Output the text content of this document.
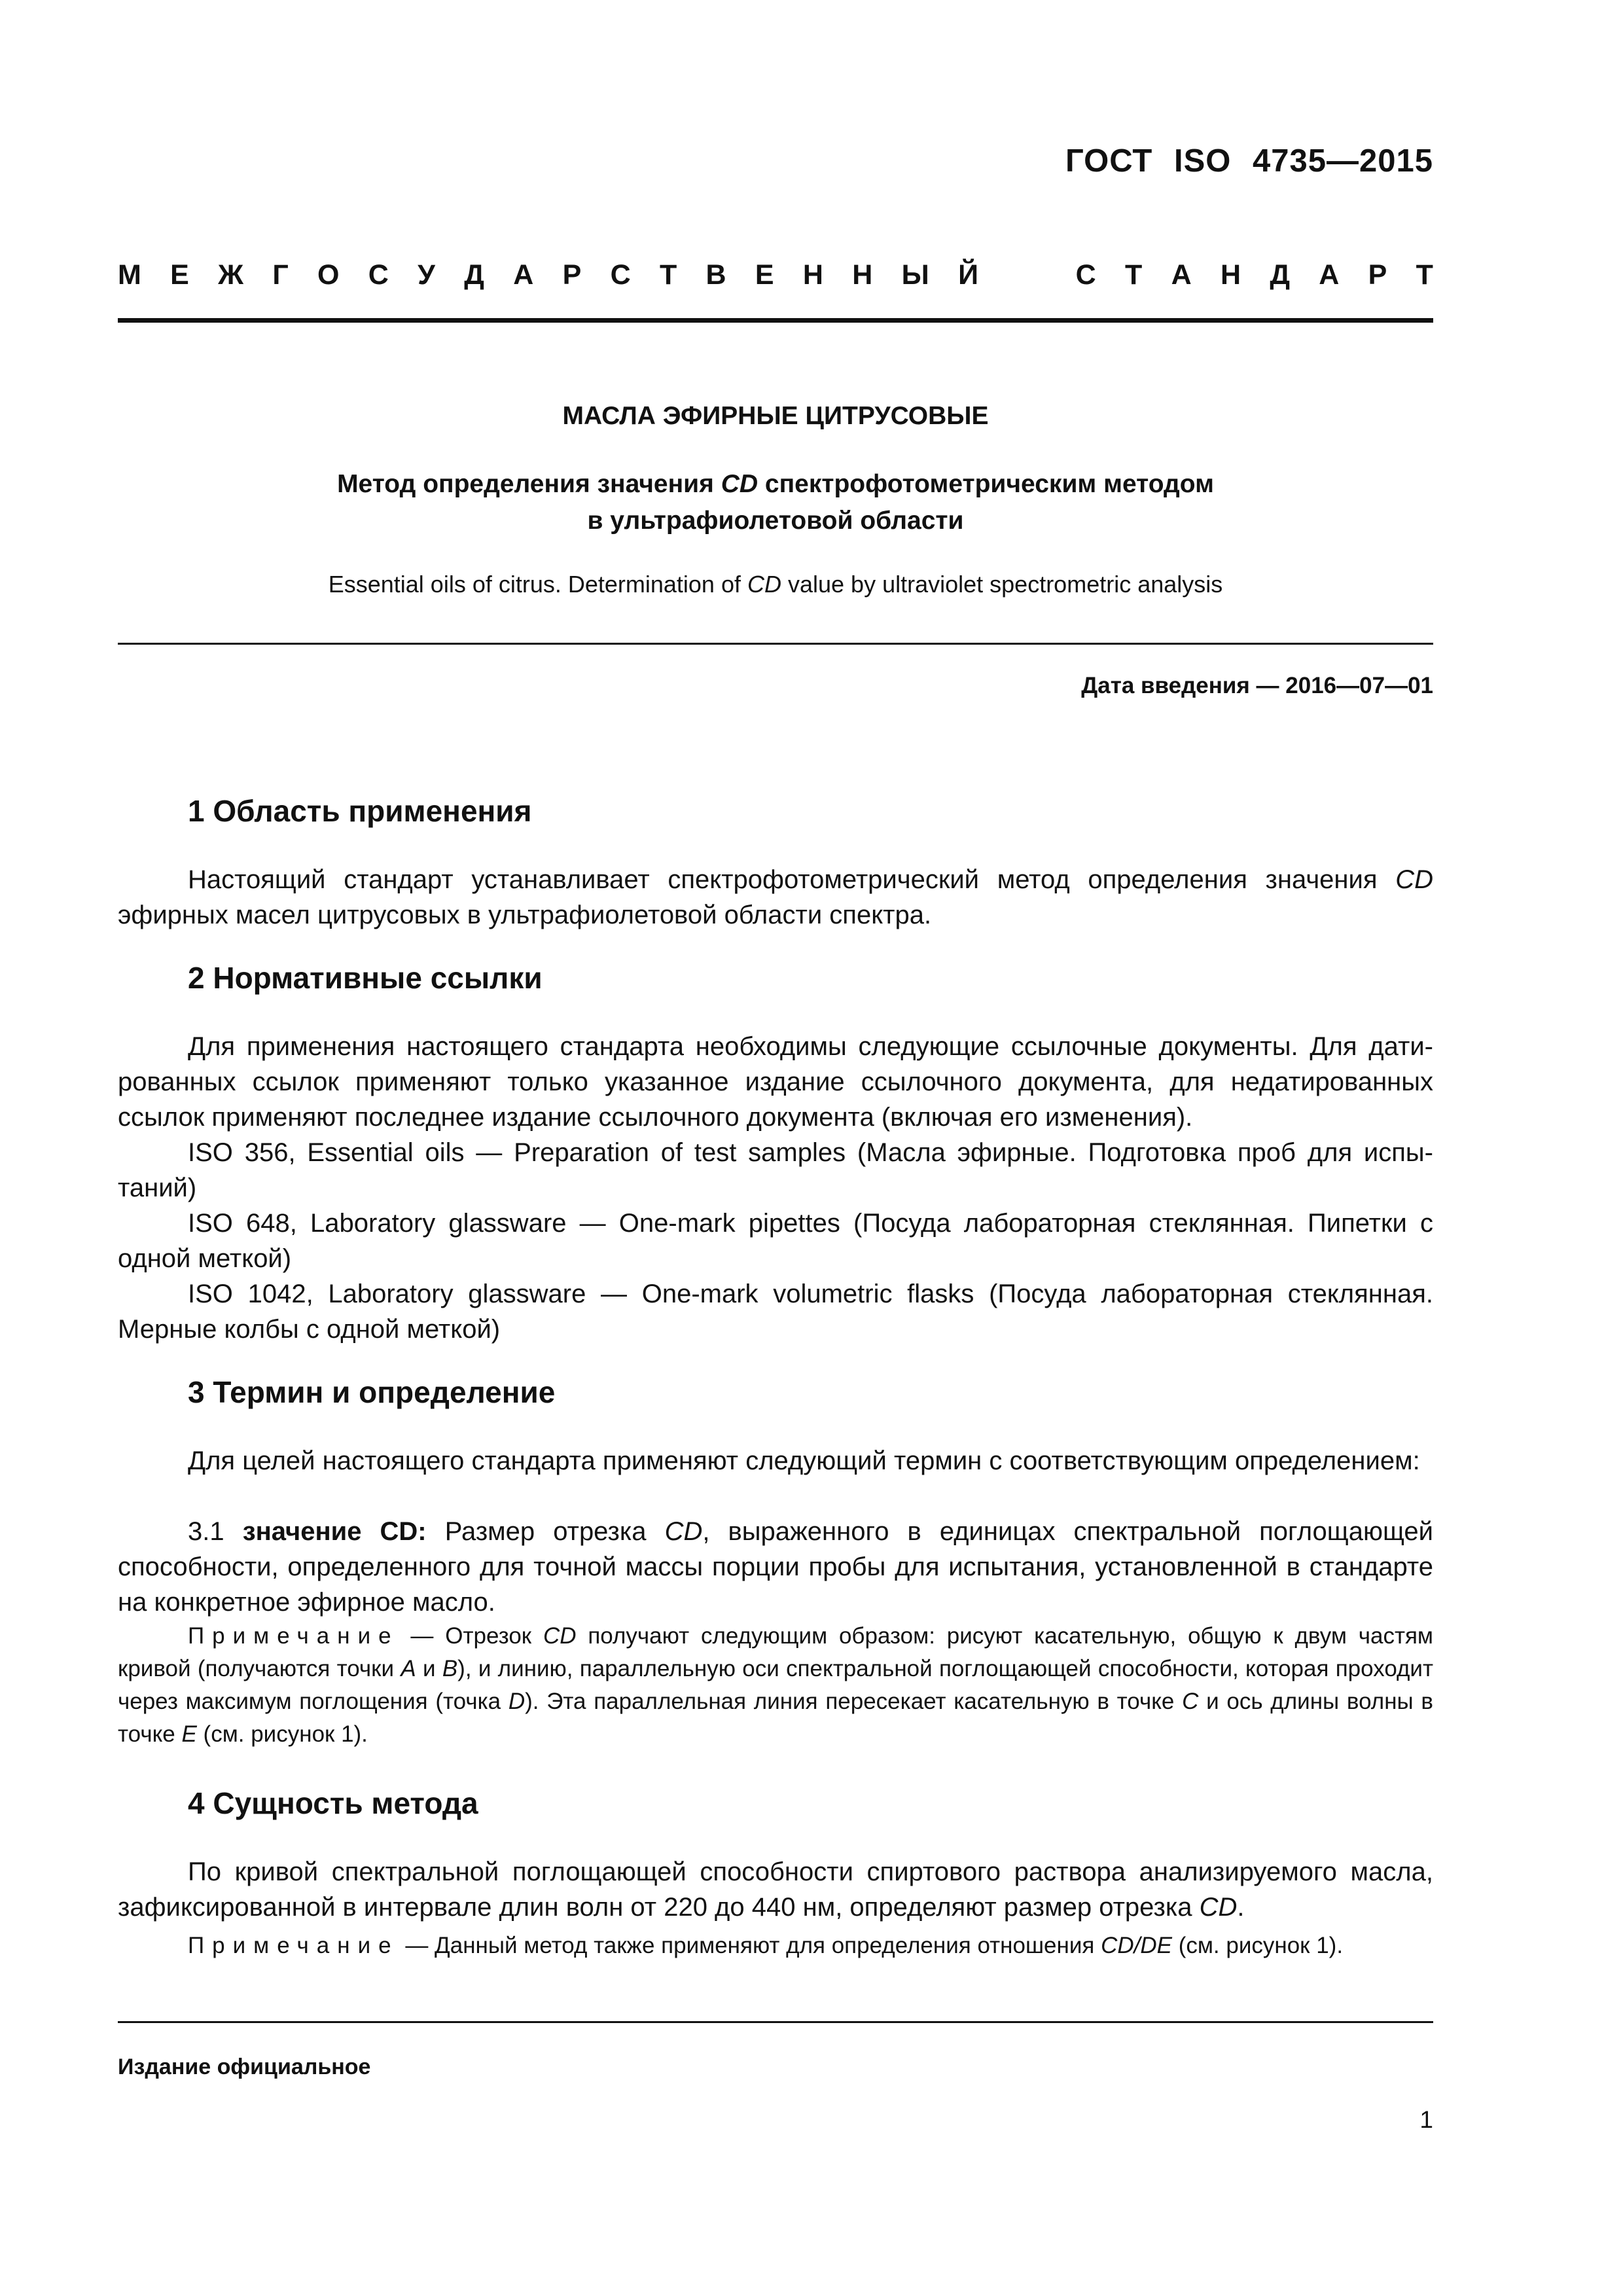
ГОСТ ISO 4735—2015
М Е Ж Г О С У Д А Р С Т В Е Н Н Ы Й	С Т А Н Д А Р Т
МАСЛА ЭФИРНЫЕ ЦИТРУСОВЫЕ
Метод определения значения CD спектрофотометрическим методом
в ультрафиолетовой области
Essential oils of citrus. Determination of CD value by ultraviolet spectrometric analysis
Дата введения — 2016—07—01
1 Область применения

Настоящий стандарт устанавливает спектрофотометрический метод определения значения CD эфирных масел цитрусовых в ультрафиолетовой области спектра.

2 Нормативные ссылки

Для применения настоящего стандарта необходимы следующие ссылочные документы. Для датированных ссылок применяют только указанное издание ссылочного документа, для недатированных ссылок применяют последнее издание ссылочного документа (включая его изменения).

ISO 356, Essential oils — Preparation of test samples (Масла эфирные. Подготовка проб для испытаний)

ISO 648, Laboratory glassware — One-mark pipettes (Посуда лабораторная стеклянная. Пипетки с одной меткой)

ISO 1042, Laboratory glassware — One-mark volumetric flasks (Посуда лабораторная стеклянная. Мерные колбы с одной меткой)

3 Термин и определение

Для целей настоящего стандарта применяют следующий термин с соответствующим определением:

3.1 значение CD: Размер отрезка CD, выраженного в единицах спектральной поглощающей способности, определенного для точной массы порции пробы для испытания, установленной в стандарте на конкретное эфирное масло.

Примечание — Отрезок CD получают следующим образом: рисуют касательную, общую к двум частям кривой (получаются точки A и B), и линию, параллельную оси спектральной поглощающей способности, которая проходит через максимум поглощения (точка D). Эта параллельная линия пересекает касательную в точке C и ось длины волны в точке E (см. рисунок 1).

4 Сущность метода

По кривой спектральной поглощающей способности спиртового раствора анализируемого масла, зафиксированной в интервале длин волн от 220 до 440 нм, определяют размер отрезка CD.

Примечание — Данный метод также применяют для определения отношения CD/DE (см. рисунок 1).

Издание официальное
1
